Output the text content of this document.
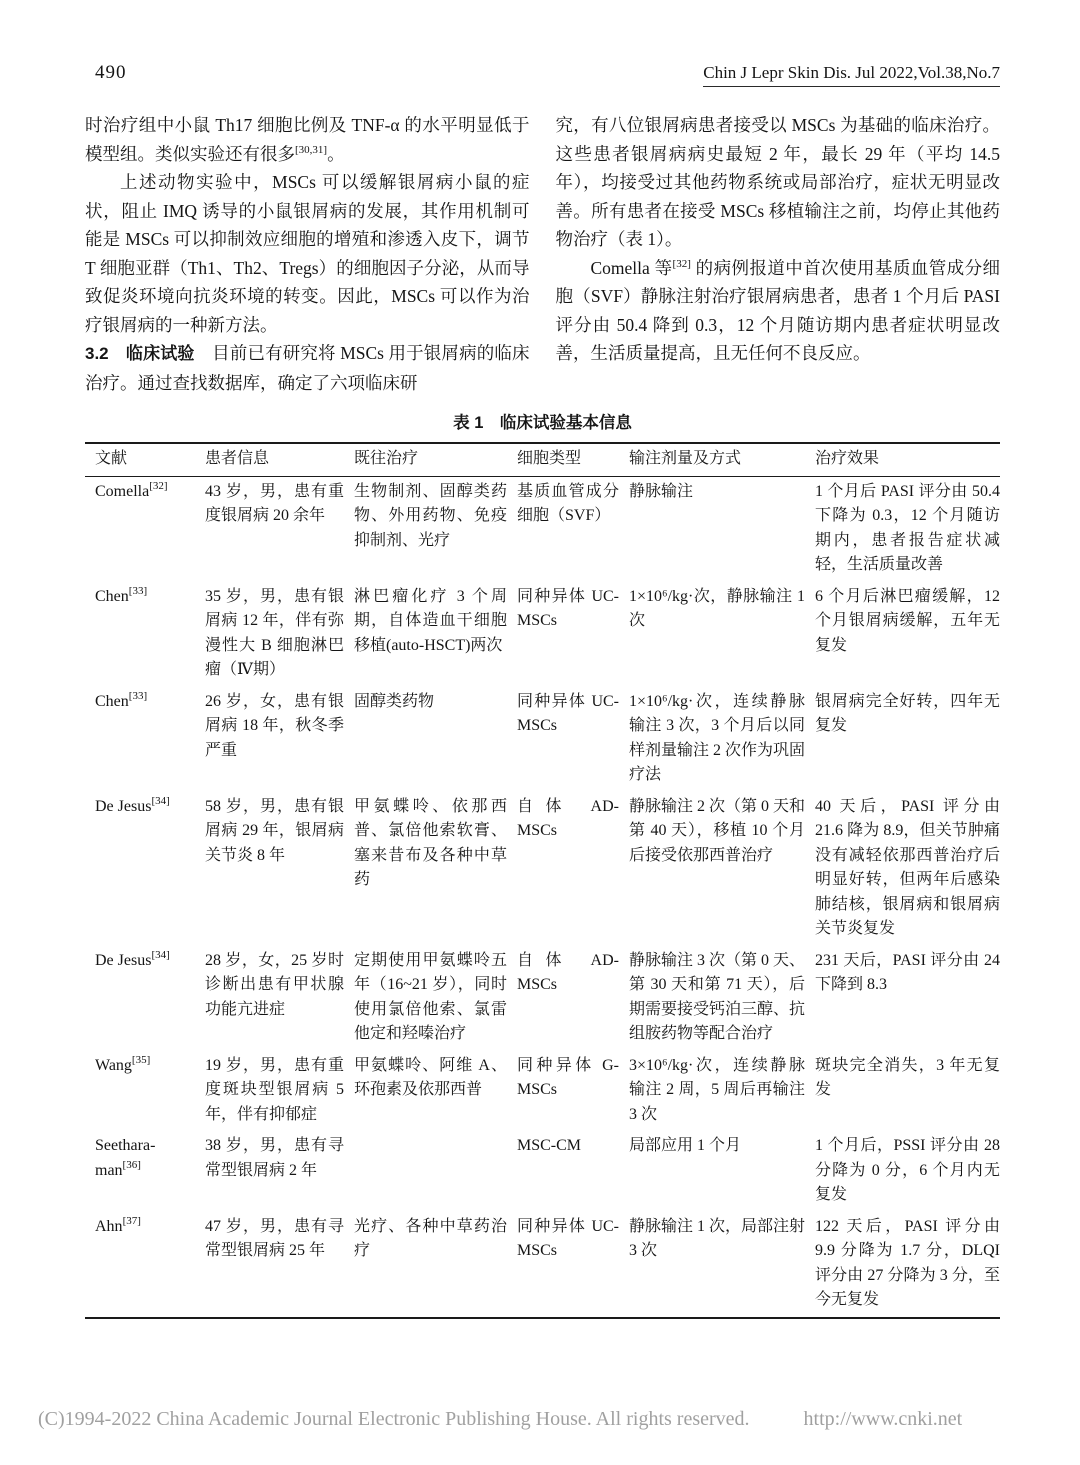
490	Chin J Lepr Skin Dis. Jul 2022,Vol.38,No.7

时治疗组中小鼠 Th17 细胞比例及 TNF-α 的水平明显低于模型组。类似实验还有很多[30,31]。

上述动物实验中，MSCs 可以缓解银屑病小鼠的症状，阻止 IMQ 诱导的小鼠银屑病的发展，其作用机制可能是 MSCs 可以抑制效应细胞的增殖和渗透入皮下，调节 T 细胞亚群（Th1、Th2、Tregs）的细胞因子分泌，从而导致促炎环境向抗炎环境的转变。因此，MSCs 可以作为治疗银屑病的一种新方法。

3.2　临床试验　目前已有研究将 MSCs 用于银屑病的临床治疗。通过查找数据库，确定了六项临床研

究，有八位银屑病患者接受以 MSCs 为基础的临床治疗。这些患者银屑病病史最短 2 年，最长 29 年（平均 14.5 年），均接受过其他药物系统或局部治疗，症状无明显改善。所有患者在接受 MSCs 移植输注之前，均停止其他药物治疗（表 1）。

Comella 等[32] 的病例报道中首次使用基质血管成分细胞（SVF）静脉注射治疗银屑病患者，患者 1 个月后 PASI 评分由 50.4 降到 0.3，12 个月随访期内患者症状明显改善，生活质量提高，且无任何不良反应。

表 1　临床试验基本信息
文献	患者信息	既往治疗	细胞类型	输注剂量及方式	治疗效果
Comella[32]	43 岁，男，患有重度银屑病 20 余年	生物制剂、固醇类药物、外用药物、免疫抑制剂、光疗	基质血管成分细胞（SVF）	静脉输注	1 个月后 PASI 评分由 50.4 下降为 0.3，12 个月随访期内，患者报告症状减轻，生活质量改善
Chen[33]	35 岁，男，患有银屑病 12 年，伴有弥漫性大 B 细胞淋巴瘤（Ⅳ期）	淋巴瘤化疗 3 个周期，自体造血干细胞移植(auto-HSCT)两次	同种异体 UC-MSCs	1×10⁶/kg·次，静脉输注 1 次	6 个月后淋巴瘤缓解，12 个月银屑病缓解，五年无复发
Chen[33]	26 岁，女，患有银屑病 18 年，秋冬季严重	固醇类药物	同种异体 UC-MSCs	1×10⁶/kg·次，连续静脉输注 3 次，3 个月后以同样剂量输注 2 次作为巩固疗法	银屑病完全好转，四年无复发
De Jesus[34]	58 岁，男，患有银屑病 29 年，银屑病关节炎 8 年	甲氨蝶呤、依那西普、氯倍他索软膏、塞来昔布及各种中草药	自体 AD-MSCs	静脉输注 2 次（第 0 天和第 40 天），移植 10 个月后接受依那西普治疗	40 天后，PASI 评分由 21.6 降为 8.9，但关节肿痛没有减轻依那西普治疗后明显好转，但两年后感染肺结核，银屑病和银屑病关节炎复发
De Jesus[34]	28 岁，女，25 岁时诊断出患有甲状腺功能亢进症	定期使用甲氨蝶呤五年（16~21 岁），同时使用氯倍他索、氯雷他定和羟嗪治疗	自体 AD-MSCs	静脉输注 3 次（第 0 天、第 30 天和第 71 天），后期需要接受钙泊三醇、抗组胺药物等配合治疗	231 天后，PASI 评分由 24 下降到 8.3
Wang[35]	19 岁，男，患有重度斑块型银屑病 5 年，伴有抑郁症	甲氨蝶呤、阿维 A、环孢素及依那西普	同种异体 G-MSCs	3×10⁶/kg·次，连续静脉输注 2 周，5 周后再输注 3 次	斑块完全消失，3 年无复发
Seethara-man[36]	38 岁，男，患有寻常型银屑病 2 年		MSC-CM	局部应用 1 个月	1 个月后，PSSI 评分由 28 分降为 0 分，6 个月内无复发
Ahn[37]	47 岁，男，患有寻常型银屑病 25 年	光疗、各种中草药治疗	同种异体 UC-MSCs	静脉输注 1 次，局部注射 3 次	122 天后，PASI 评分由 9.9 分降为 1.7 分，DLQI 评分由 27 分降为 3 分，至今无复发
(C)1994-2022 China Academic Journal Electronic Publishing House. All rights reserved.	http://www.cnki.net
